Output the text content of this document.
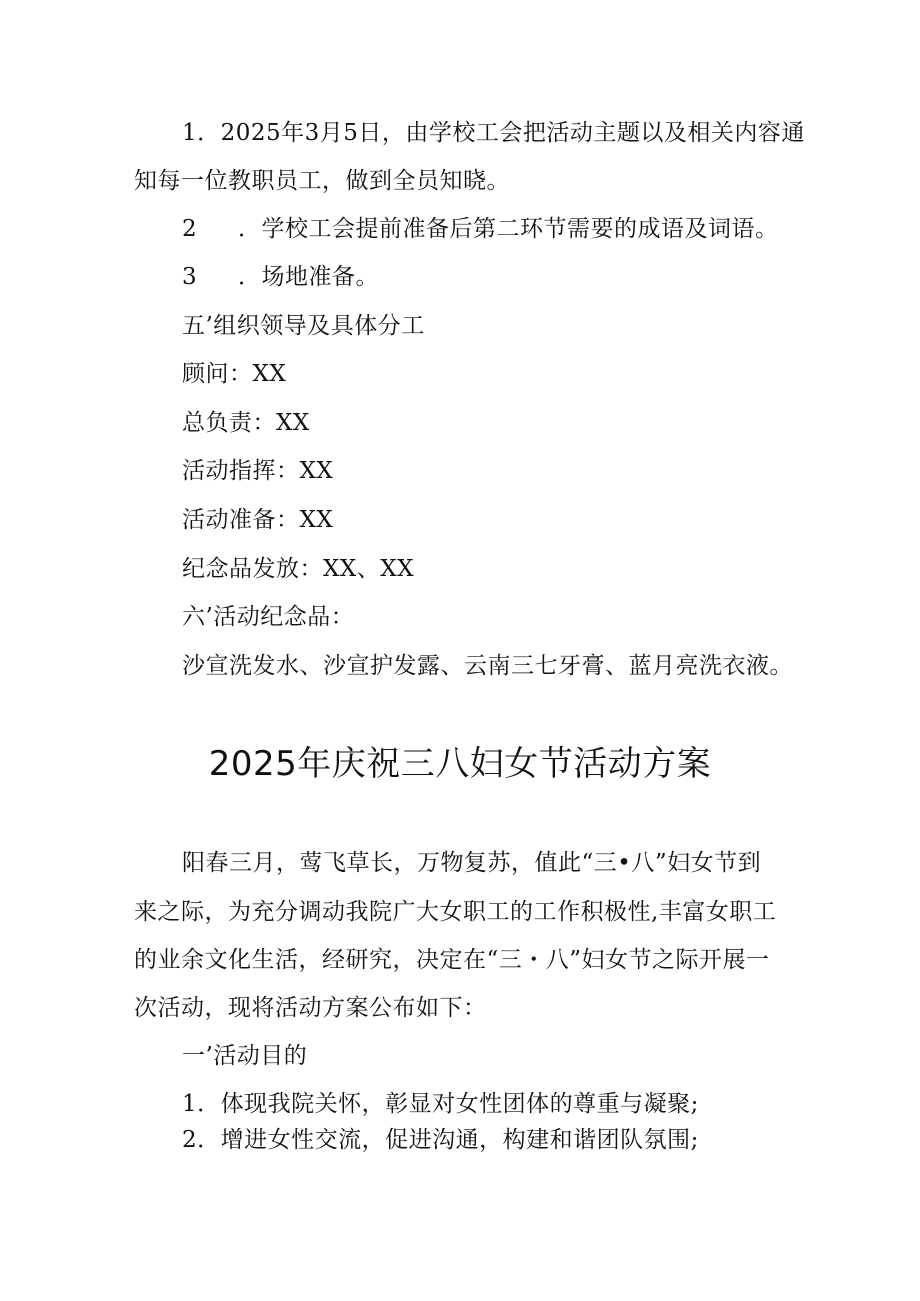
1．2025年3月5日，由学校工会把活动主题以及相关内容通
知每一位教职员工，做到全员知晓。
2 ．学校工会提前准备后第二环节需要的成语及词语。
3 ．场地准备。
五’组织领导及具体分工
顾问：XX
总负责：XX
活动指挥：XX
活动准备：XX
纪念品发放：XX、XX
六’活动纪念品：
沙宣洗发水、沙宣护发露、云南三七牙膏、蓝月亮洗衣液。
2025年庆祝三八妇女节活动方案
阳春三月，莺飞草长，万物复苏，值此“三•八”妇女节到
来之际，为充分调动我院广大女职工的工作积极性,丰富女职工
的业余文化生活，经研究，决定在“三・八”妇女节之际开展一
次活动，现将活动方案公布如下：
一’活动目的
1．体现我院关怀，彰显对女性团体的尊重与凝聚;
2．增进女性交流，促进沟通，构建和谐团队氛围;
